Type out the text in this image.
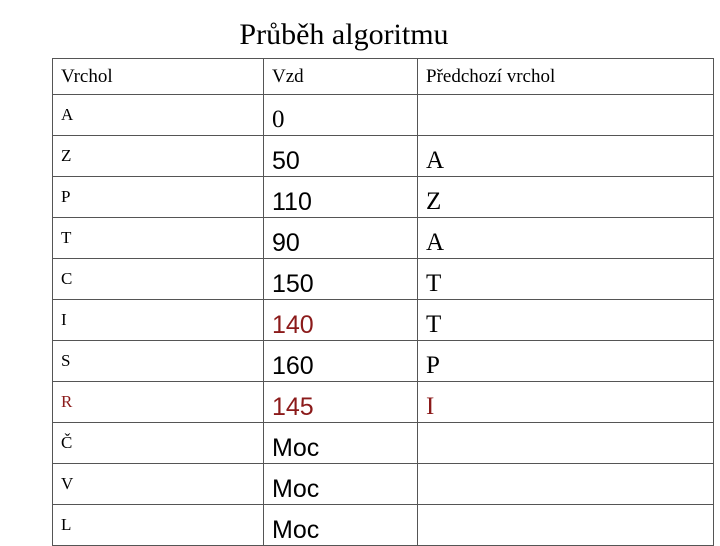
Průběh algoritmu
Vrchol	Vzd	Předchozí vrchol
A	0	
Z	50	A
P	110	Z
T	90	A
C	150	T
I	140	T
S	160	P
R	145	I
Č	Moc	
V	Moc	
L	Moc	
